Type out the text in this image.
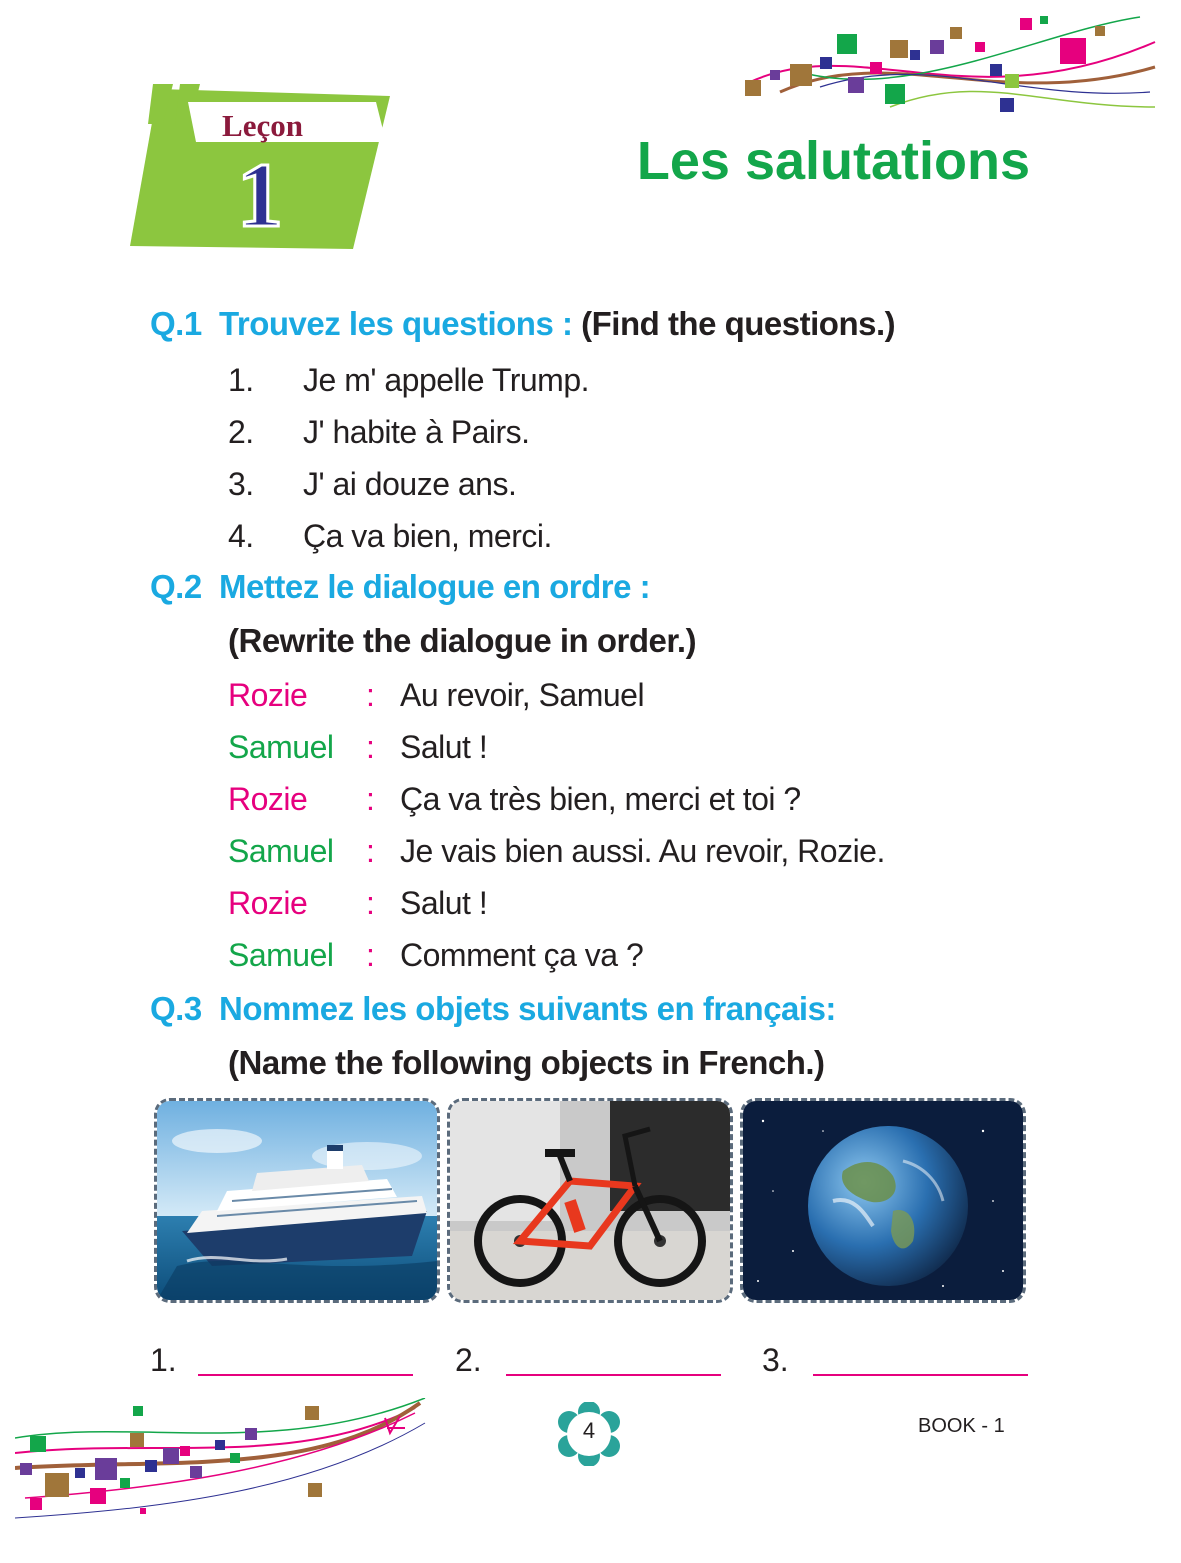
Leçon
1	Les salutations
Q.1 Trouvez les questions : (Find the questions.)
1. Je m' appelle Trump.
2. J' habite à Pairs.
3. J' ai douze ans.
4. Ça va bien, merci.
Q.2 Mettez le dialogue en ordre :
(Rewrite the dialogue in order.)
Rozie : Au revoir, Samuel
Samuel : Salut !
Rozie : Ça va très bien, merci et toi ?
Samuel : Je vais bien aussi. Au revoir, Rozie.
Rozie : Salut !
Samuel : Comment ça va ?
Q.3 Nommez les objets suivants en français:
(Name the following objects in French.)
1.	2.	3.
4	BOOK - 1
